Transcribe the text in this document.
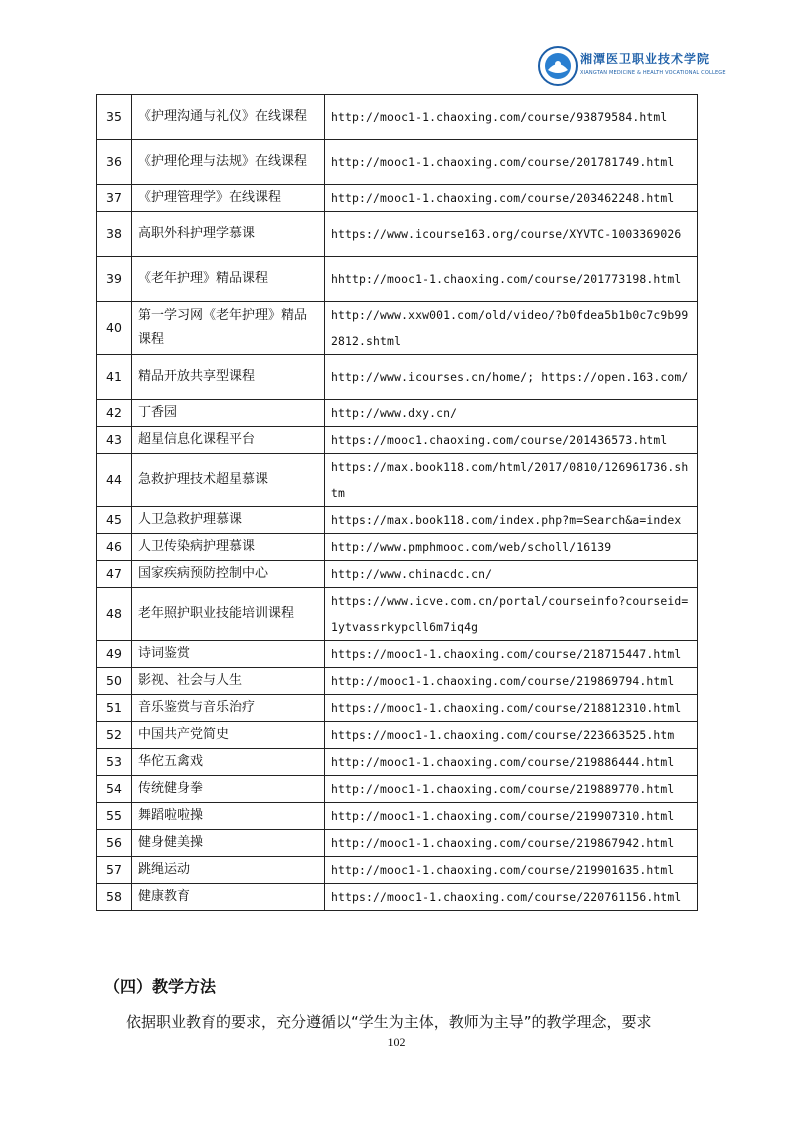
湘潭医卫职业技术学院
XIANGTAN MEDICINE & HEALTH VOCATIONAL COLLEGE
35	《护理沟通与礼仪》在线课程	http://mooc1-1.chaoxing.com/course/93879584.html
36	《护理伦理与法规》在线课程	http://mooc1-1.chaoxing.com/course/201781749.html
37	《护理管理学》在线课程	http://mooc1-1.chaoxing.com/course/203462248.html
38	高职外科护理学慕课	https://www.icourse163.org/course/XYVTC-1003369026
39	《老年护理》精品课程	hhttp://mooc1-1.chaoxing.com/course/201773198.html
40	第一学习网《老年护理》精品课程	http://www.xxw001.com/old/video/?b0fdea5b1b0c7c9b992812.shtml
41	精品开放共享型课程	http://www.icourses.cn/home/; https://open.163.com/
42	丁香园	http://www.dxy.cn/
43	超星信息化课程平台	https://mooc1.chaoxing.com/course/201436573.html
44	急救护理技术超星慕课	https://max.book118.com/html/2017/0810/126961736.shtm
45	人卫急救护理慕课	https://max.book118.com/index.php?m=Search&a=index
46	人卫传染病护理慕课	http://www.pmphmooc.com/web/scholl/16139
47	国家疾病预防控制中心	http://www.chinacdc.cn/
48	老年照护职业技能培训课程	https://www.icve.com.cn/portal/courseinfo?courseid=1ytvassrkypcll6m7iq4g
49	诗词鉴赏	https://mooc1-1.chaoxing.com/course/218715447.html
50	影视、社会与人生	http://mooc1-1.chaoxing.com/course/219869794.html
51	音乐鉴赏与音乐治疗	https://mooc1-1.chaoxing.com/course/218812310.html
52	中国共产党简史	https://mooc1-1.chaoxing.com/course/223663525.htm
53	华佗五禽戏	http://mooc1-1.chaoxing.com/course/219886444.html
54	传统健身拳	http://mooc1-1.chaoxing.com/course/219889770.html
55	舞蹈啦啦操	http://mooc1-1.chaoxing.com/course/219907310.html
56	健身健美操	http://mooc1-1.chaoxing.com/course/219867942.html
57	跳绳运动	http://mooc1-1.chaoxing.com/course/219901635.html
58	健康教育	https://mooc1-1.chaoxing.com/course/220761156.html
（四）教学方法
依据职业教育的要求，充分遵循以“学生为主体，教师为主导”的教学理念，要求
102
